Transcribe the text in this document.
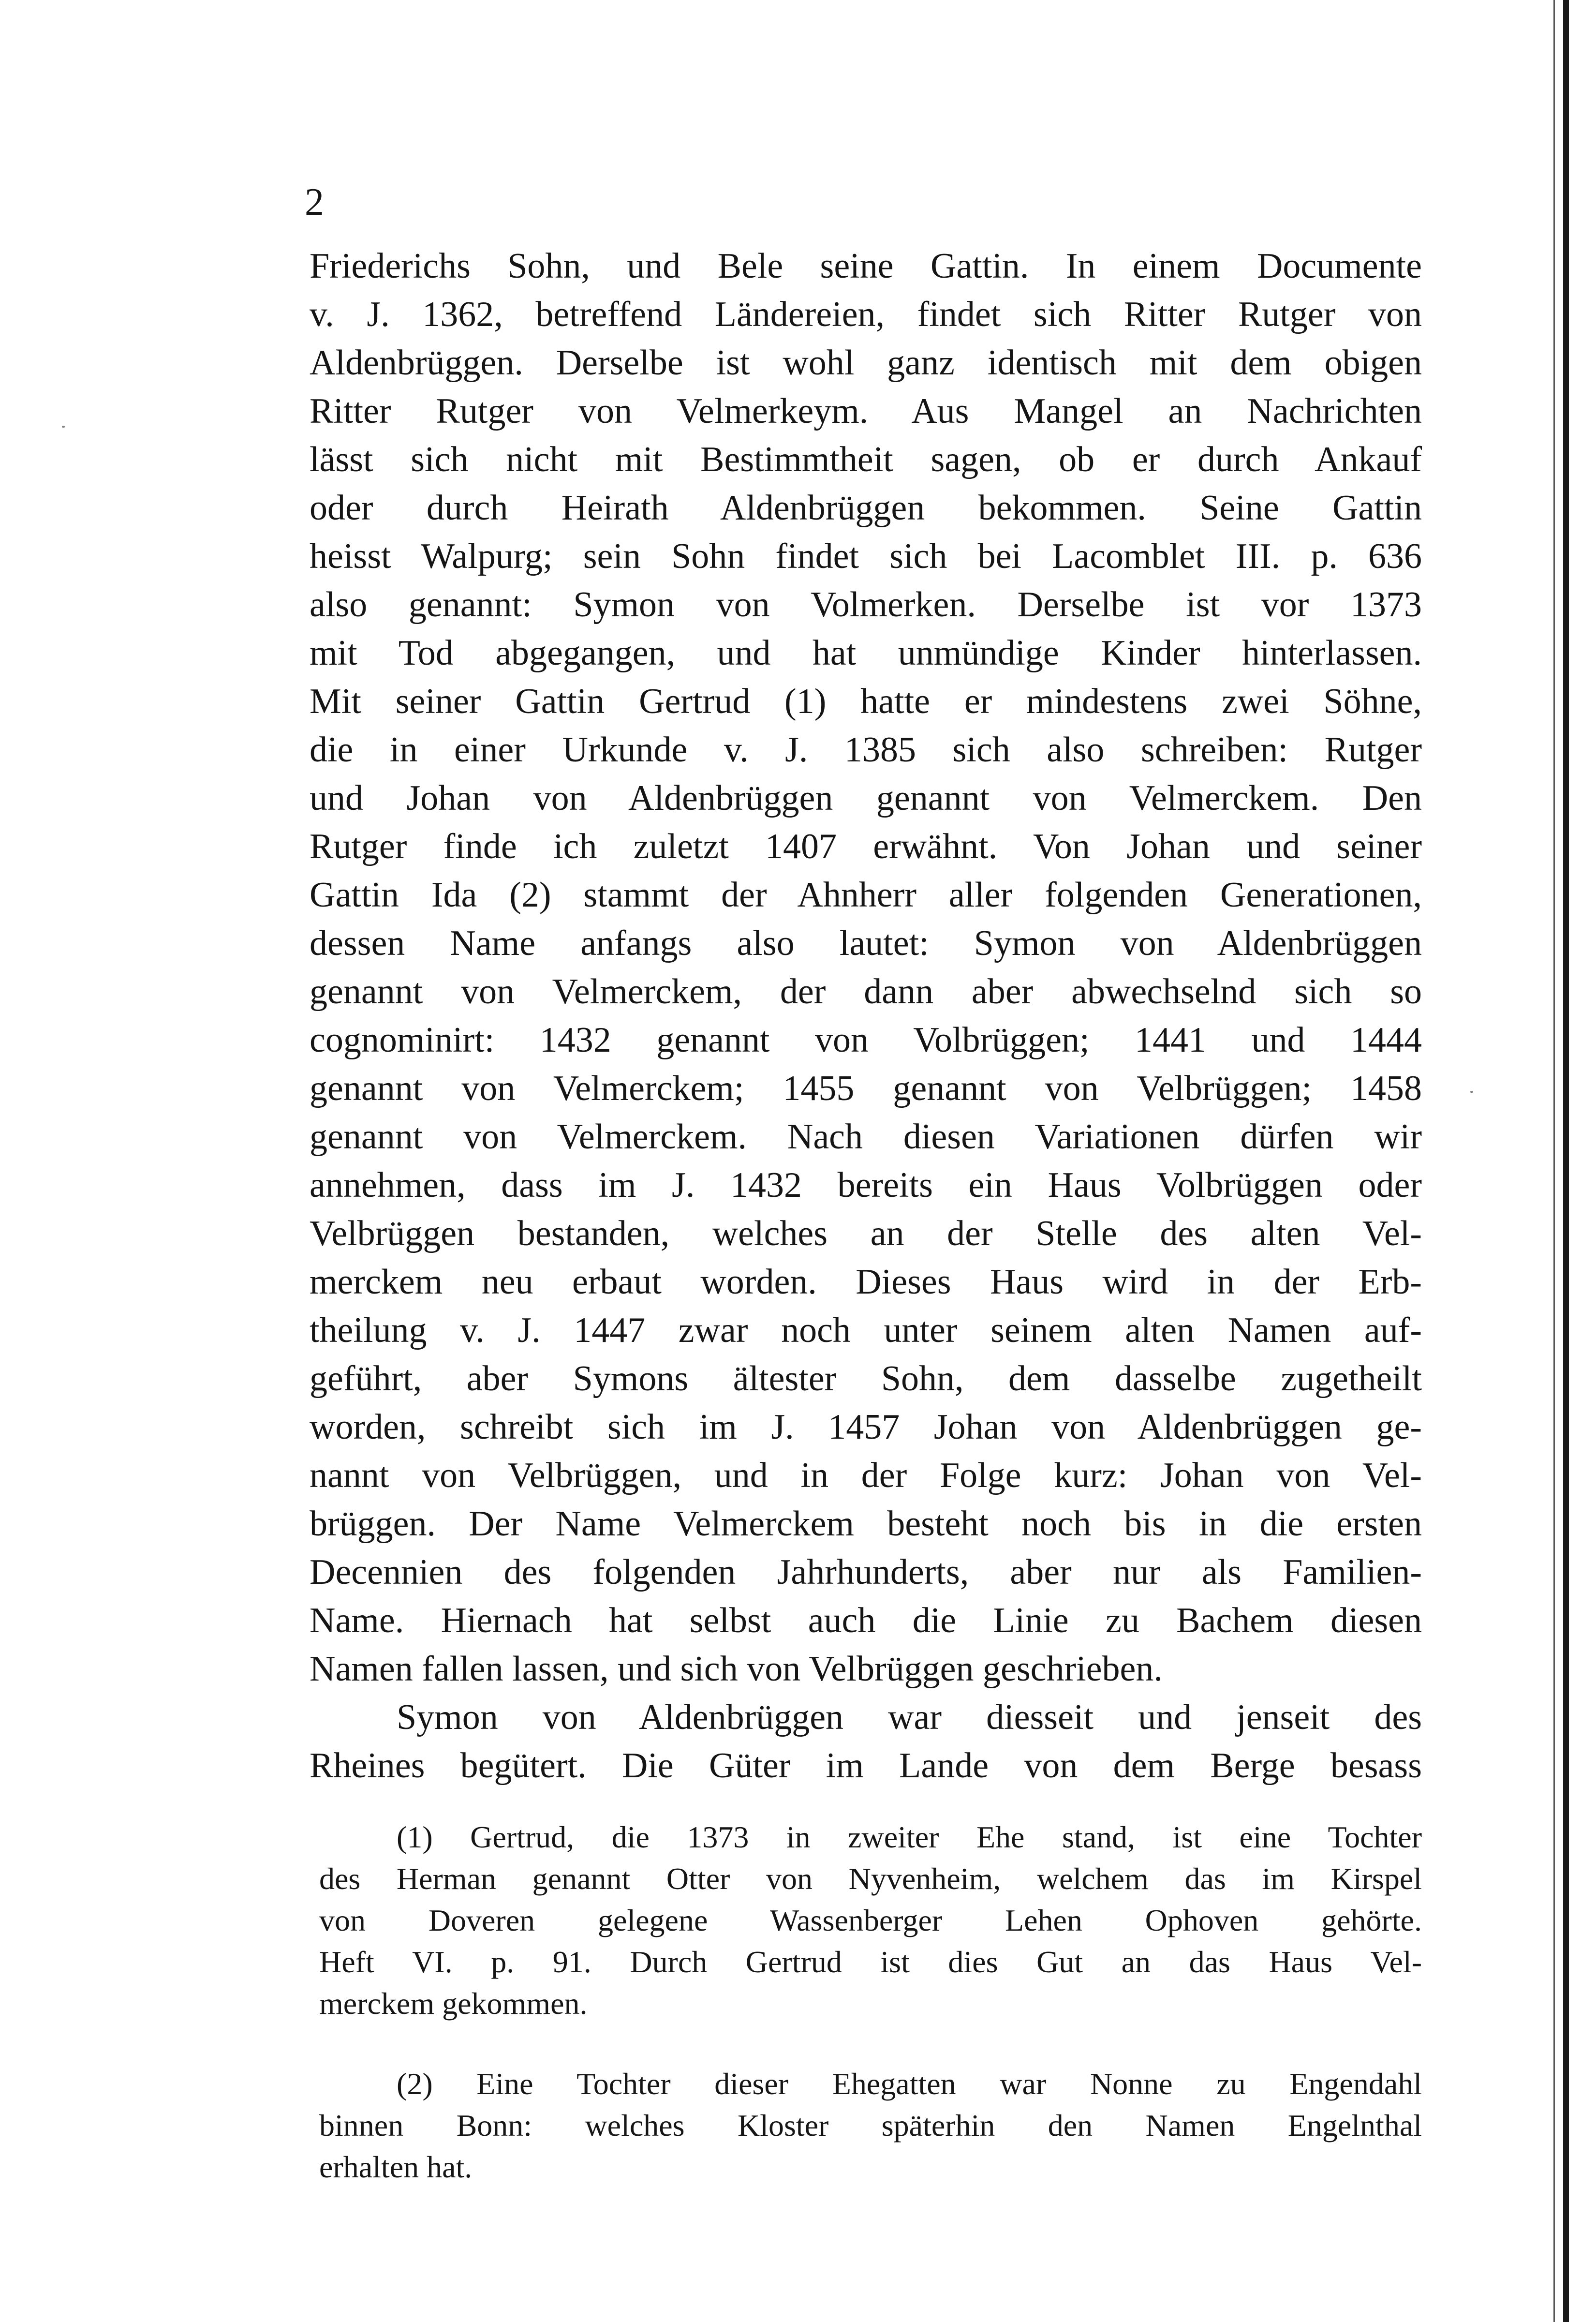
2
Friederichs Sohn, und Bele seine Gattin. In einem Documente
v. J. 1362, betreffend Ländereien, findet sich Ritter Rutger von
Aldenbrüggen. Derselbe ist wohl ganz identisch mit dem obigen
Ritter Rutger von Velmerkeym. Aus Mangel an Nachrichten
lässt sich nicht mit Bestimmtheit sagen, ob er durch Ankauf
oder durch Heirath Aldenbrüggen bekommen. Seine Gattin
heisst Walpurg; sein Sohn findet sich bei Lacomblet III. p. 636
also genannt: Symon von Volmerken. Derselbe ist vor 1373
mit Tod abgegangen, und hat unmündige Kinder hinterlassen.
Mit seiner Gattin Gertrud (1) hatte er mindestens zwei Söhne,
die in einer Urkunde v. J. 1385 sich also schreiben: Rutger
und Johan von Aldenbrüggen genannt von Velmerckem. Den
Rutger finde ich zuletzt 1407 erwähnt. Von Johan und seiner
Gattin Ida (2) stammt der Ahnherr aller folgenden Generationen,
dessen Name anfangs also lautet: Symon von Aldenbrüggen
genannt von Velmerckem, der dann aber abwechselnd sich so
cognominirt: 1432 genannt von Volbrüggen; 1441 und 1444
genannt von Velmerckem; 1455 genannt von Velbrüggen; 1458
genannt von Velmerckem. Nach diesen Variationen dürfen wir
annehmen, dass im J. 1432 bereits ein Haus Volbrüggen oder
Velbrüggen bestanden, welches an der Stelle des alten Vel-
merckem neu erbaut worden. Dieses Haus wird in der Erb-
theilung v. J. 1447 zwar noch unter seinem alten Namen auf-
geführt, aber Symons ältester Sohn, dem dasselbe zugetheilt
worden, schreibt sich im J. 1457 Johan von Aldenbrüggen ge-
nannt von Velbrüggen, und in der Folge kurz: Johan von Vel-
brüggen. Der Name Velmerckem besteht noch bis in die ersten
Decennien des folgenden Jahrhunderts, aber nur als Familien-
Name. Hiernach hat selbst auch die Linie zu Bachem diesen
Namen fallen lassen, und sich von Velbrüggen geschrieben.
Symon von Aldenbrüggen war diesseit und jenseit des
Rheines begütert. Die Güter im Lande von dem Berge besass
(1) Gertrud, die 1373 in zweiter Ehe stand, ist eine Tochter
des Herman genannt Otter von Nyvenheim, welchem das im Kirspel
von Doveren gelegene Wassenberger Lehen Ophoven gehörte.
Heft VI. p. 91. Durch Gertrud ist dies Gut an das Haus Vel-
merckem gekommen.
(2) Eine Tochter dieser Ehegatten war Nonne zu Engendahl
binnen Bonn: welches Kloster späterhin den Namen Engelnthal
erhalten hat.
